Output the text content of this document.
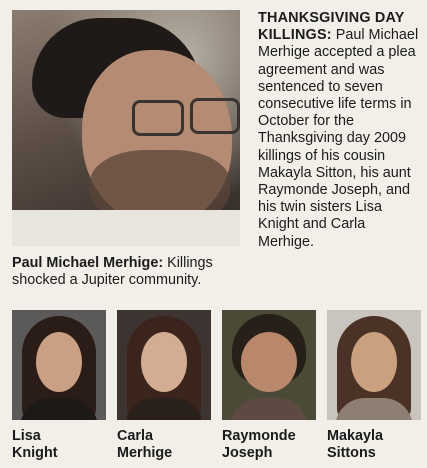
THANKSGIVING DAY KILLINGS: Paul Michael Merhige accepted a plea agreement and was sentenced to seven consecutive life terms in October for the Thanksgiving day 2009 killings of his cousin Makayla Sitton, his aunt Raymonde Joseph, and his twin sisters Lisa Knight and Carla Merhige.
Paul Michael Merhige: Killings shocked a Jupiter community.
Lisa
Knight
Carla
Merhige
Raymonde
Joseph
Makayla
Sittons
